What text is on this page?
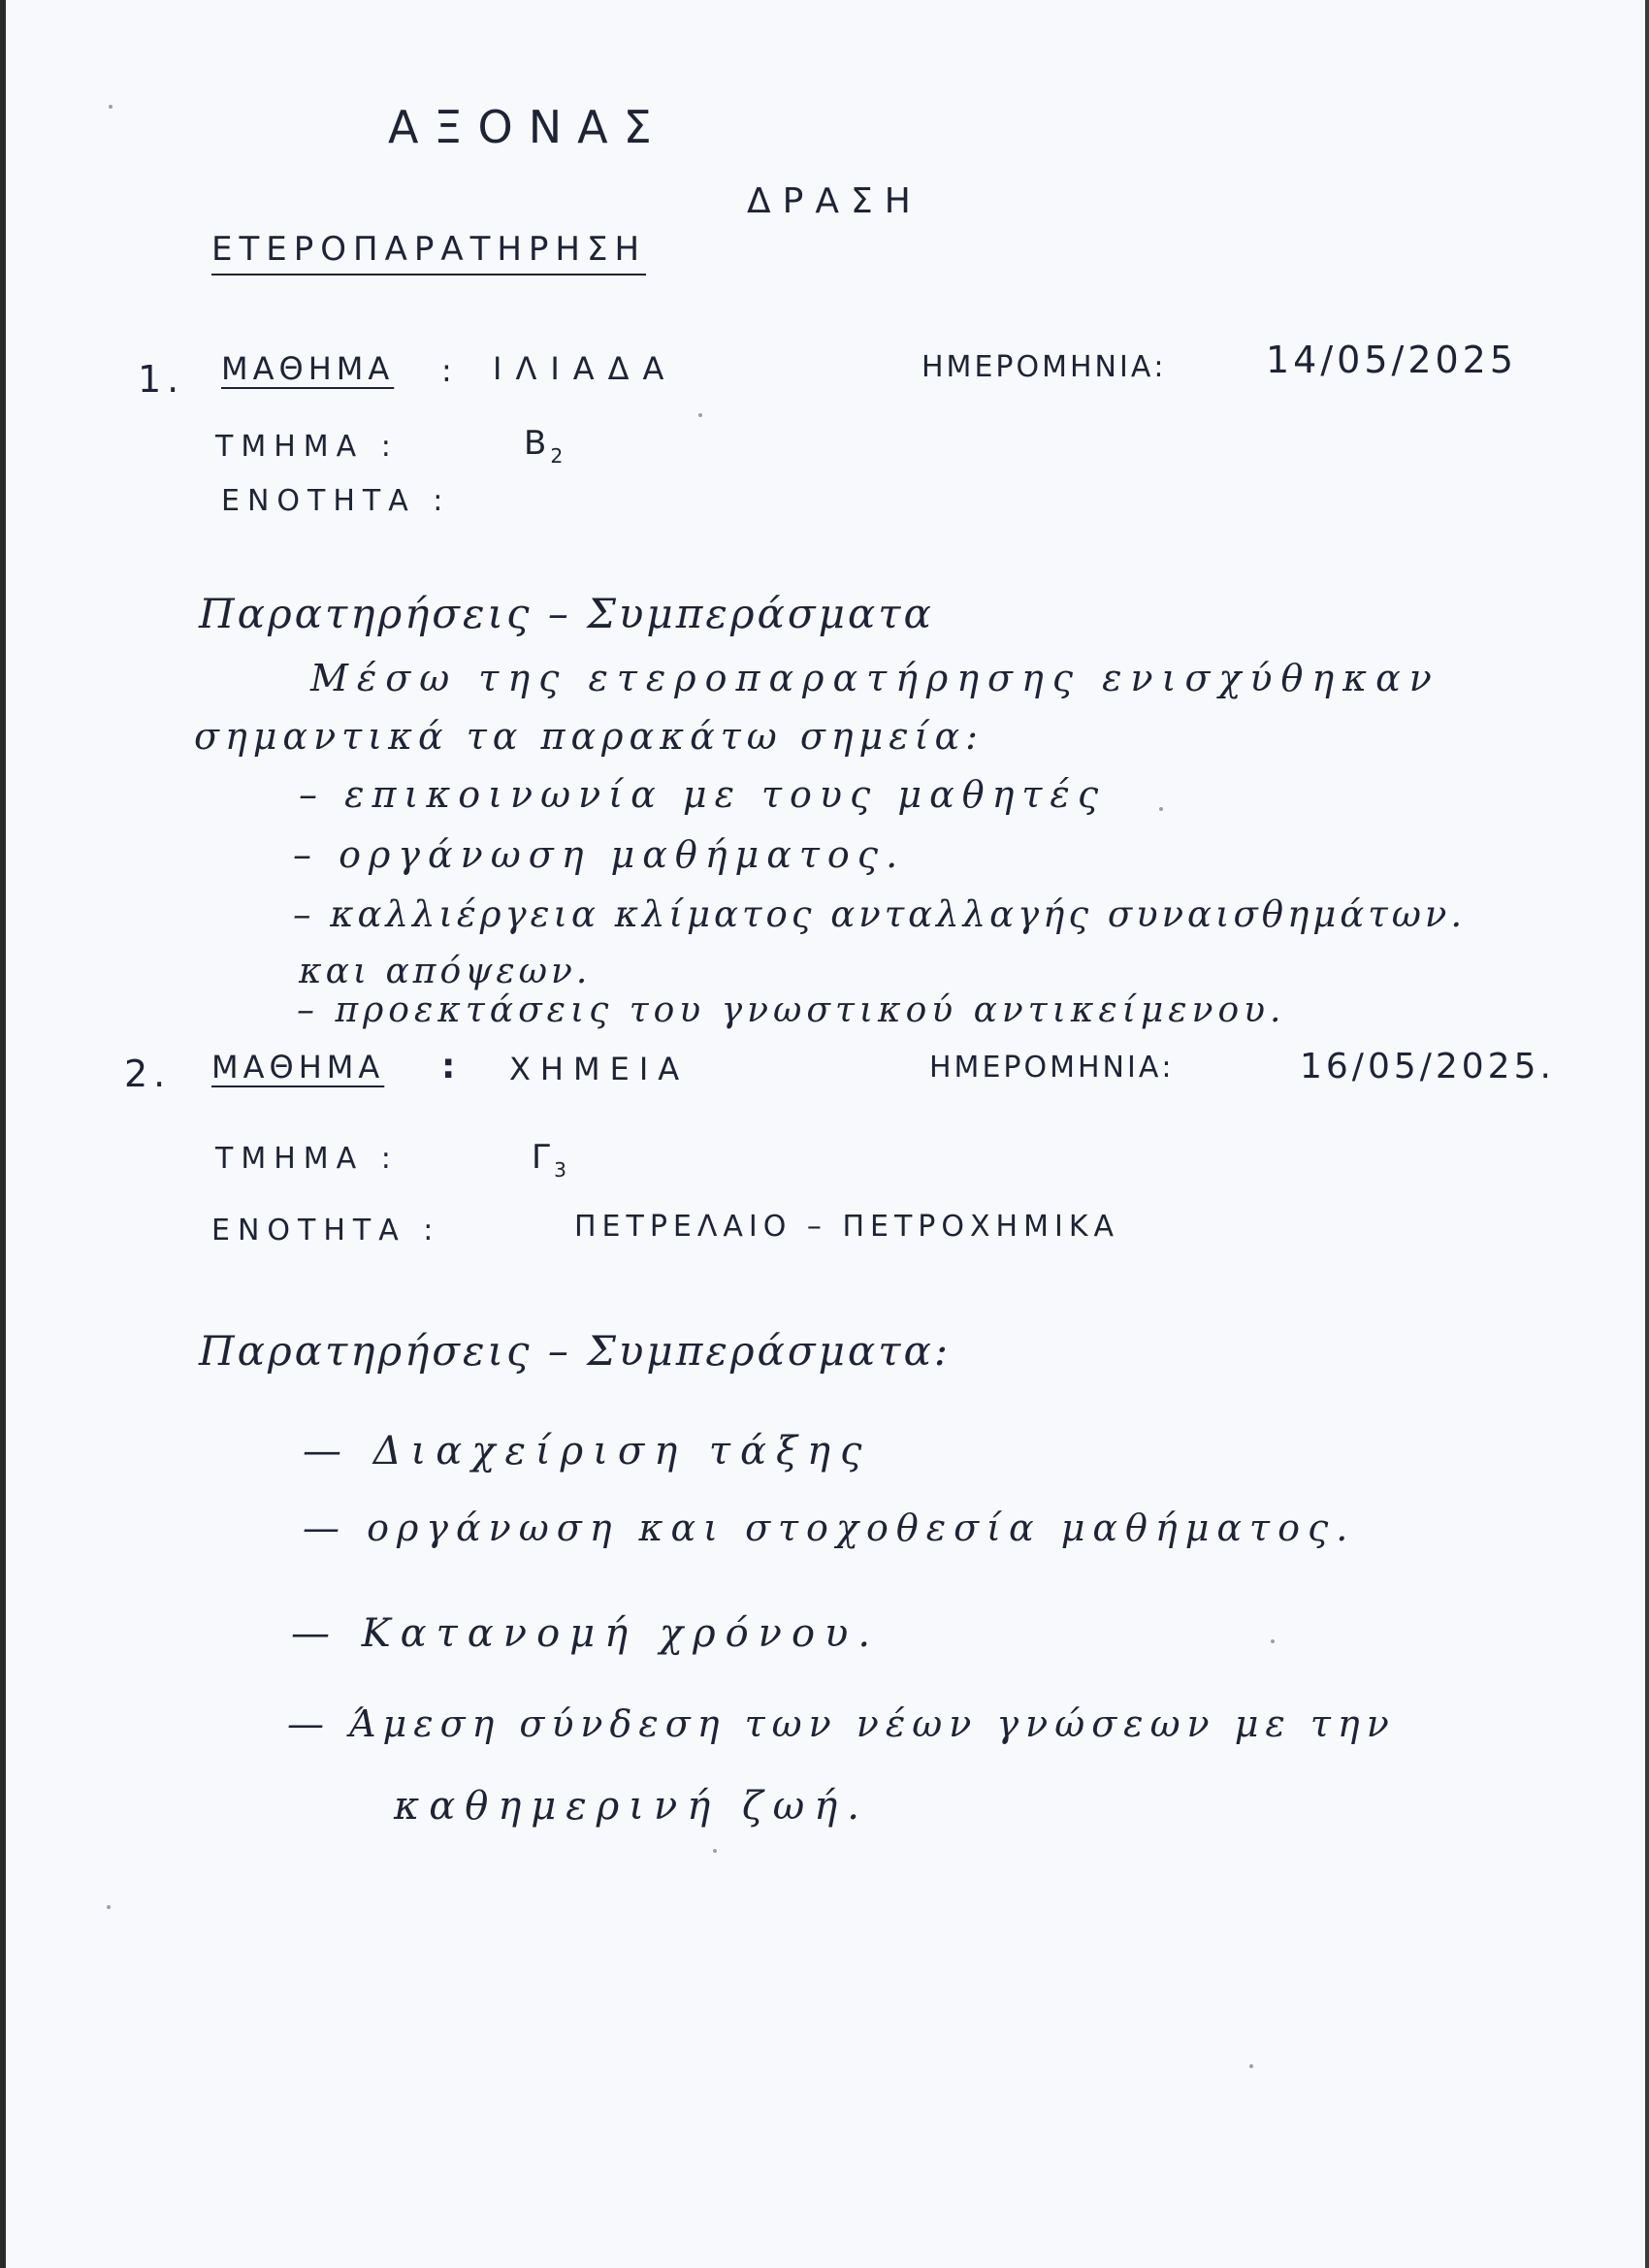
ΑΞΟΝΑΣ
ΔΡΑΣΗ
ΕΤΕΡΟΠΑΡΑΤΗΡΗΣΗ
1. ΜΑΘΗΜΑ : ΙΛΙΑΔΑ	ΗΜΕΡΟΜΗΝΙΑ:	14/05/2025
ΤΜΗΜΑ :	Β $_2$
ΕΝΟΤΗΤΑ :
Παρατηρήσεις – Συμπεράσματα
Μέσω της ετεροπαρατήρησης ενισχύθηκαν
σημαντικά τα παρακάτω σημεία:
– επικοινωνία με τους μαθητές
– οργάνωση μαθήματος.
– καλλιέργεια κλίματος ανταλλαγής συναισθημάτων.
και απόψεων.
– προεκτάσεις του γνωστικού αντικείμενου.
2. ΜΑΘΗΜΑ : ΧΗΜΕΙΑ	ΗΜΕΡΟΜΗΝΙΑ:	16/05/2025.
ΤΜΗΜΑ :	Γ $_3$
ΕΝΟΤΗΤΑ :	ΠΕΤΡΕΛΑΙΟ – ΠΕΤΡΟΧΗΜΙΚΑ
Παρατηρήσεις – Συμπεράσματα:
— Διαχείριση τάξης
— οργάνωση και στοχοθεσία μαθήματος.
— Κατανομή χρόνου.
— Άμεση σύνδεση των νέων γνώσεων με την
καθημερινή ζωή.
